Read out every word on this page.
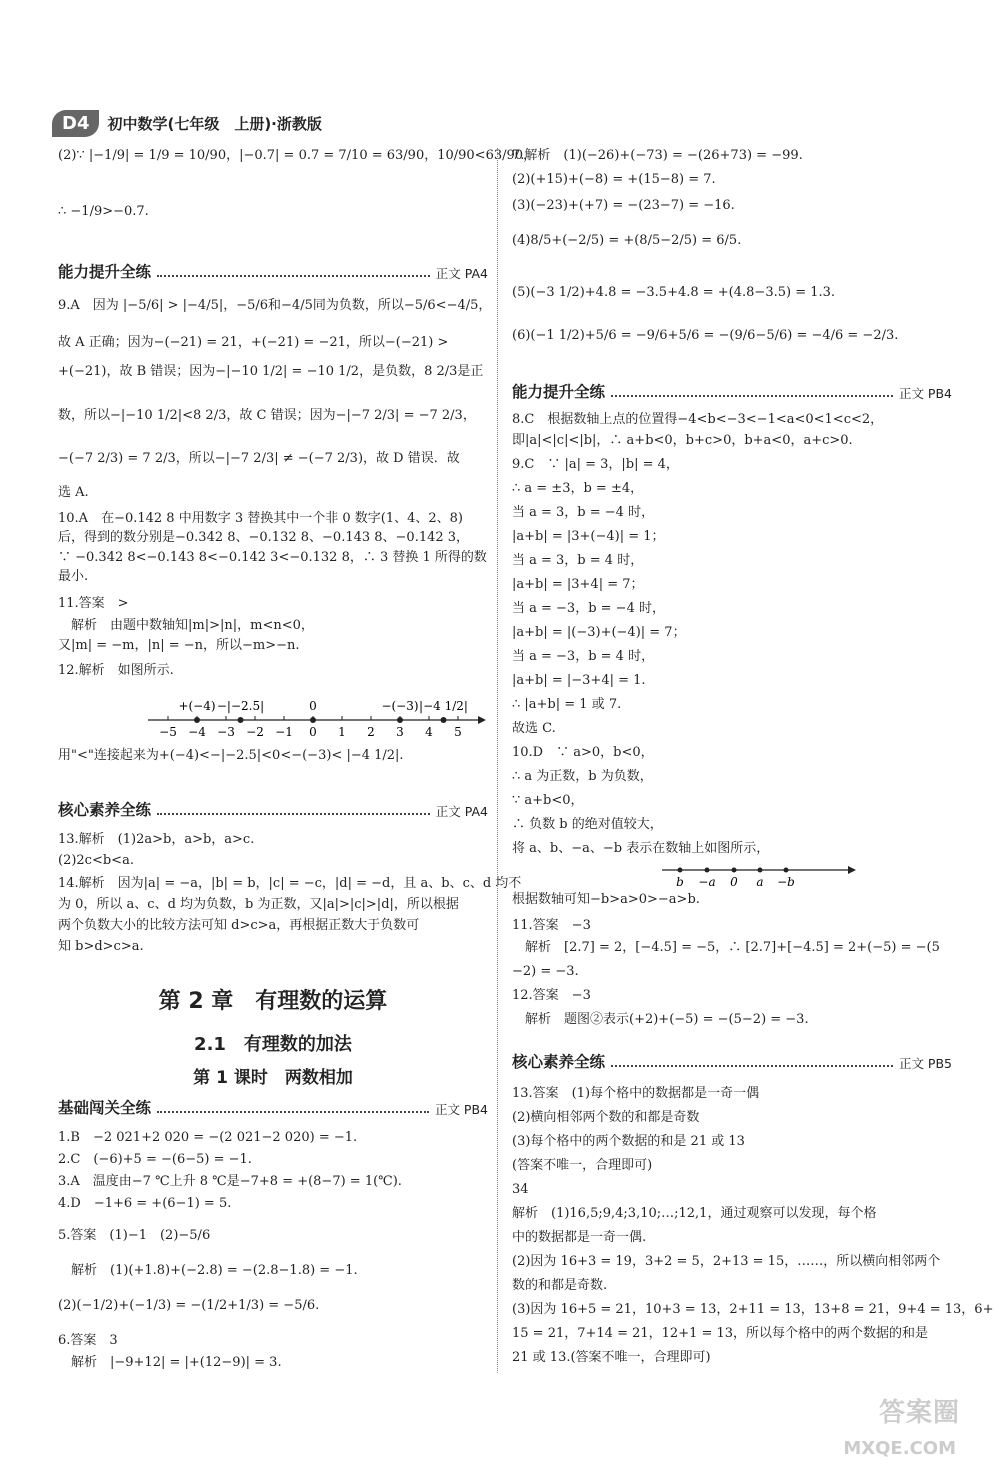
D4	初中数学(七年级　上册)·浙教版
(2)∵ |−1/9| = 1/9 = 10/90，|−0.7| = 0.7 = 7/10 = 63/90，10/90<63/90，
∴ −1/9>−0.7.
能力提升全练	正文 PA4
9.A　因为 |−5/6| > |−4/5|，−5/6和−4/5同为负数，所以−5/6<−4/5，
故 A 正确；因为−(−21) = 21，+(−21) = −21，所以−(−21) >
+(−21)，故 B 错误；因为−|−10 1/2| = −10 1/2，是负数，8 2/3是正
数，所以−|−10 1/2|<8 2/3，故 C 错误；因为−|−7 2/3| = −7 2/3，
−(−7 2/3) = 7 2/3，所以−|−7 2/3| ≠ −(−7 2/3)，故 D 错误．故
选 A.
10.A　在−0.142 8 中用数字 3 替换其中一个非 0 数字(1、4、2、8)
后，得到的数分别是−0.342 8、−0.132 8、−0.143 8、−0.142 3，
∵ −0.342 8<−0.143 8<−0.142 3<−0.132 8，∴ 3 替换 1 所得的数
最小.
11.答案　>
　解析　由题中数轴知|m|>|n|，m<n<0，
又|m| = −m，|n| = −n，所以−m>−n.
12.解析　如图所示.
−5 −4 −3 −2 −1 0 1 2 3 4 5
+(−4) −|−2.5|	0	−(−3) |−4 1/2|
用"<"连接起来为+(−4)<−|−2.5|<0<−(−3)< |−4 1/2|.
核心素养全练	正文 PA4
13.解析　(1)2a>b，a>b，a>c.
(2)2c<b<a.
14.解析　因为|a| = −a，|b| = b，|c| = −c，|d| = −d，且 a、b、c、d 均不
为 0，所以 a、c、d 均为负数，b 为正数，又|a|>|c|>|d|，所以根据
两个负数大小的比较方法可知 d>c>a，再根据正数大于负数可
知 b>d>c>a.
第 2 章　有理数的运算
2.1　有理数的加法
第 1 课时　两数相加
基础闯关全练	正文 PB4
1.B　−2 021+2 020 = −(2 021−2 020) = −1.
2.C　(−6)+5 = −(6−5) = −1.
3.A　温度由−7 ℃上升 8 ℃是−7+8 = +(8−7) = 1(℃).
4.D　−1+6 = +(6−1) = 5.
5.答案　(1)−1　(2)−5/6
　解析　(1)(+1.8)+(−2.8) = −(2.8−1.8) = −1.
(2)(−1/2)+(−1/3) = −(1/2+1/3) = −5/6.
6.答案　3
　解析　|−9+12| = |+(12−9)| = 3.
7.解析　(1)(−26)+(−73) = −(26+73) = −99.
(2)(+15)+(−8) = +(15−8) = 7.
(3)(−23)+(+7) = −(23−7) = −16.
(4)8/5+(−2/5) = +(8/5−2/5) = 6/5.
(5)(−3 1/2)+4.8 = −3.5+4.8 = +(4.8−3.5) = 1.3.
(6)(−1 1/2)+5/6 = −9/6+5/6 = −(9/6−5/6) = −4/6 = −2/3.
能力提升全练	正文 PB4
8.C　根据数轴上点的位置得−4<b<−3<−1<a<0<1<c<2，
即|a|<|c|<|b|，∴ a+b<0，b+c>0，b+a<0，a+c>0.
9.C　∵ |a| = 3，|b| = 4，
∴ a = ±3，b = ±4，
当 a = 3，b = −4 时，
|a+b| = |3+(−4)| = 1；
当 a = 3，b = 4 时，
|a+b| = |3+4| = 7；
当 a = −3，b = −4 时，
|a+b| = |(−3)+(−4)| = 7；
当 a = −3，b = 4 时，
|a+b| = |−3+4| = 1.
∴ |a+b| = 1 或 7.
故选 C.
10.D　∵ a>0，b<0，
∴ a 为正数，b 为负数，
∵ a+b<0，
∴ 负数 b 的绝对值较大，
将 a、b、−a、−b 表示在数轴上如图所示，
b −a 0 a −b
根据数轴可知−b>a>0>−a>b.
11.答案　−3
　解析　[2.7] = 2，[−4.5] = −5，∴ [2.7]+[−4.5] = 2+(−5) = −(5
−2) = −3.
12.答案　−3
　解析　题图②表示(+2)+(−5) = −(5−2) = −3.
核心素养全练	正文 PB5
13.答案　(1)每个格中的数据都是一奇一偶
(2)横向相邻两个数的和都是奇数
(3)每个格中的两个数据的和是 21 或 13
(答案不唯一，合理即可)
34
解析　(1)16,5;9,4;3,10;…;12,1，通过观察可以发现，每个格
中的数据都是一奇一偶.
(2)因为 16+3 = 19，3+2 = 5，2+13 = 15，……，所以横向相邻两个
数的和都是奇数.
(3)因为 16+5 = 21，10+3 = 13，2+11 = 13，13+8 = 21，9+4 = 13，6+
15 = 21，7+14 = 21，12+1 = 13，所以每个格中的两个数据的和是
21 或 13.(答案不唯一，合理即可)
答案圈
MXQE.COM
